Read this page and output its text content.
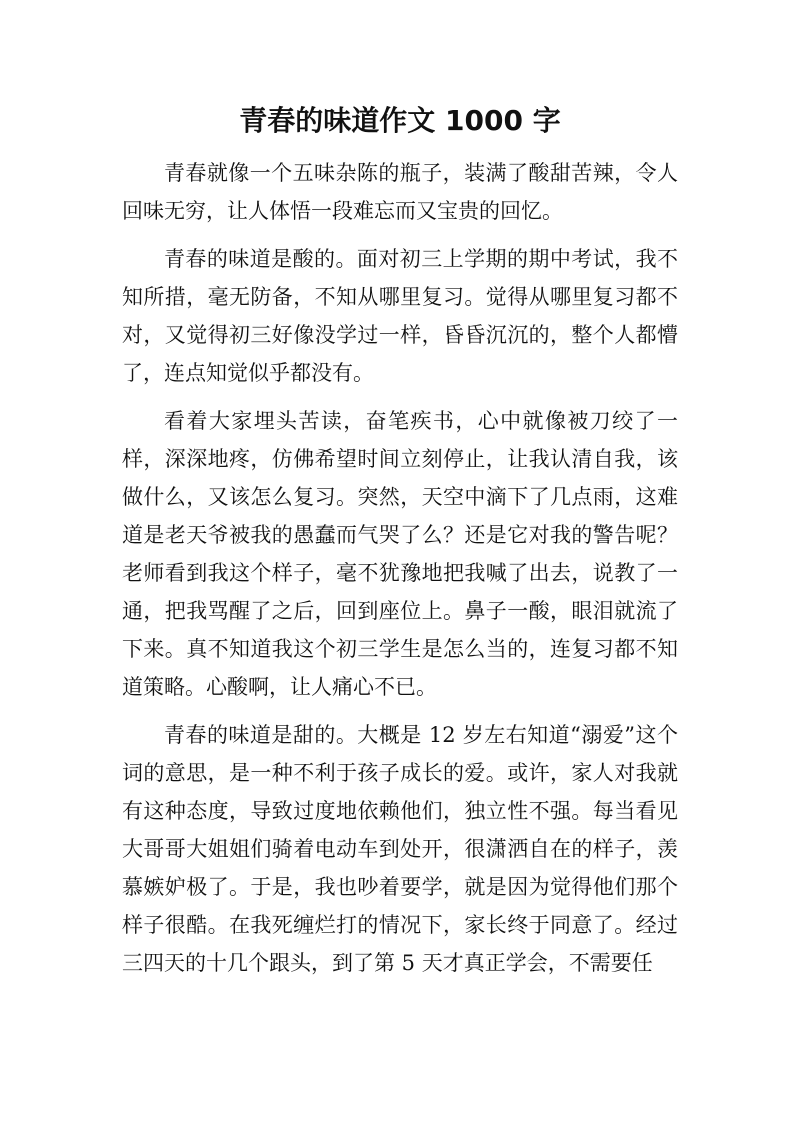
青春的味道作文 1000 字

青春就像一个五味杂陈的瓶子，装满了酸甜苦辣，令人回味无穷，让人体悟一段难忘而又宝贵的回忆。

青春的味道是酸的。面对初三上学期的期中考试，我不知所措，毫无防备，不知从哪里复习。觉得从哪里复习都不对，又觉得初三好像没学过一样，昏昏沉沉的，整个人都懵了，连点知觉似乎都没有。

看着大家埋头苦读，奋笔疾书，心中就像被刀绞了一样，深深地疼，仿佛希望时间立刻停止，让我认清自我，该做什么，又该怎么复习。突然，天空中滴下了几点雨，这难道是老天爷被我的愚蠢而气哭了么？还是它对我的警告呢？老师看到我这个样子，毫不犹豫地把我喊了出去，说教了一通，把我骂醒了之后，回到座位上。鼻子一酸，眼泪就流了下来。真不知道我这个初三学生是怎么当的，连复习都不知道策略。心酸啊，让人痛心不已。

青春的味道是甜的。大概是 12 岁左右知道“溺爱”这个词的意思，是一种不利于孩子成长的爱。或许，家人对我就有这种态度，导致过度地依赖他们，独立性不强。每当看见大哥哥大姐姐们骑着电动车到处开，很潇洒自在的样子，羡慕嫉妒极了。于是，我也吵着要学，就是因为觉得他们那个样子很酷。在我死缠烂打的情况下，家长终于同意了。经过三四天的十几个跟头，到了第 5 天才真正学会，不需要任
